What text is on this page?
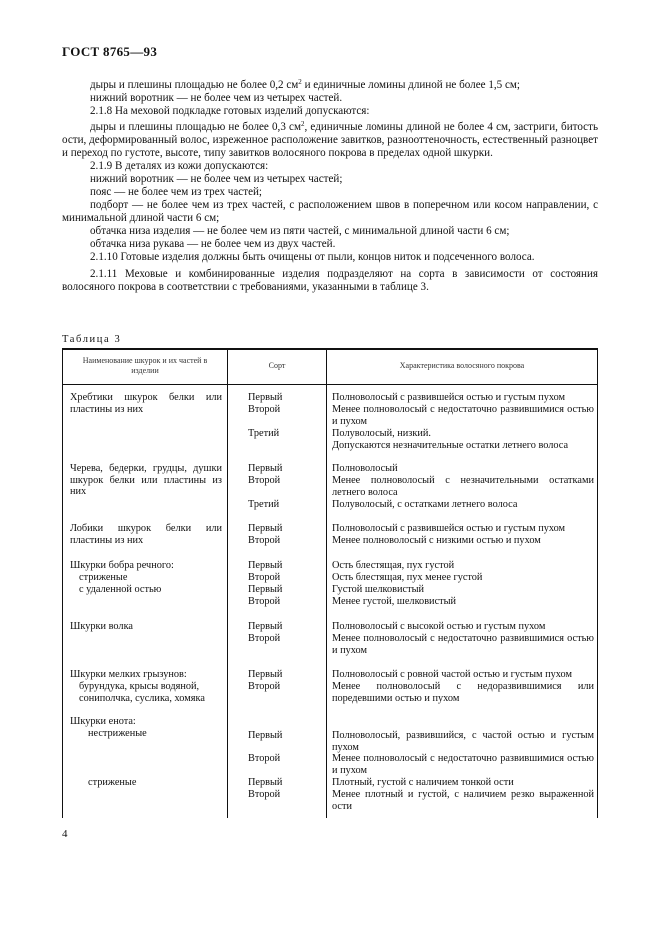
ГОСТ 8765—93

дыры и плешины площадью не более 0,2 $см^2$ и единичные ломины длиной не более 1,5 см;

нижний воротник — не более чем из четырех частей.

2.1.8 На меховой подкладке готовых изделий допускаются:

дыры и плешины площадью не более 0,3 $см^2$, единичные ломины длиной не более 4 см, застриги, битость ости, деформированный волос, изреженное расположение завитков, разнооттеночность, естественный разноцвет и переход по густоте, высоте, типу завитков волосяного покрова в пределах одной шкурки.

2.1.9 В деталях из кожи допускаются:

нижний воротник — не более чем из четырех частей;

пояс — не более чем из трех частей;

подборт — не более чем из трех частей, с расположением швов в поперечном или косом направлении, с минимальной длиной части 6 см;

обтачка низа изделия — не более чем из пяти частей, с минимальной длиной части 6 см;

обтачка низа рукава — не более чем из двух частей.

2.1.10 Готовые изделия должны быть очищены от пыли, концов ниток и подсеченного волоса.

2.1.11 Меховые и комбинированные изделия подразделяют на сорта в зависимости от состояния волосяного покрова в соответствии с требованиями, указанными в таблице 3.

Таблица 3
Наименование шкурок и их частей в изделии
Сорт	Характеристика волосяного покрова
Хребтики шкурок белки или пластины из них
Первый	Полноволосый с развившейся остью и густым пухом
Второй	Менее полноволосый с недостаточно развившимися остью и пухом
Третий	Полуволосый, низкий.
Допускаются незначительные остатки летнего волоса
Черева, бедерки, грудцы, душки шкурок белки или пластины из них
Первый	Полноволосый
Второй	Менее полноволосый с незначительными остатками летнего волоса
Третий	Полуволосый, с остатками летнего волоса
Лобики шкурок белки или пластины из них
Первый	Полноволосый с развившейся остью и густым пухом
Второй	Менее полноволосый с низкими остью и пухом
Шкурки бобра речного:
стриженые
с удаленной остью
Первый	Ость блестящая, пух густой
Второй	Ость блестящая, пух менее густой
Первый	Густой шелковистый
Второй	Менее густой, шелковистый
Шкурки волка	Первый	Полноволосый с высокой остью и густым пухом
Второй	Менее полноволосый с недостаточно развившимися остью и пухом
Шкурки мелких грызунов:
бурундука, крысы водяной, сониполчка, суслика, хомяка
Первый	Полноволосый с ровной частой остью и густым пухом
Второй	Менее полноволосый с недоразвившимися или поредевшими остью и пухом
Шкурки енота:
нестриженые	Первый	Полноволосый, развившийся, с частой остью и густым пухом
Второй	Менее полноволосый с недостаточно развившимися остью и пухом
стриженые	Первый	Плотный, густой с наличием тонкой ости
Второй	Менее плотный и густой, с наличием резко выраженной ости
4
